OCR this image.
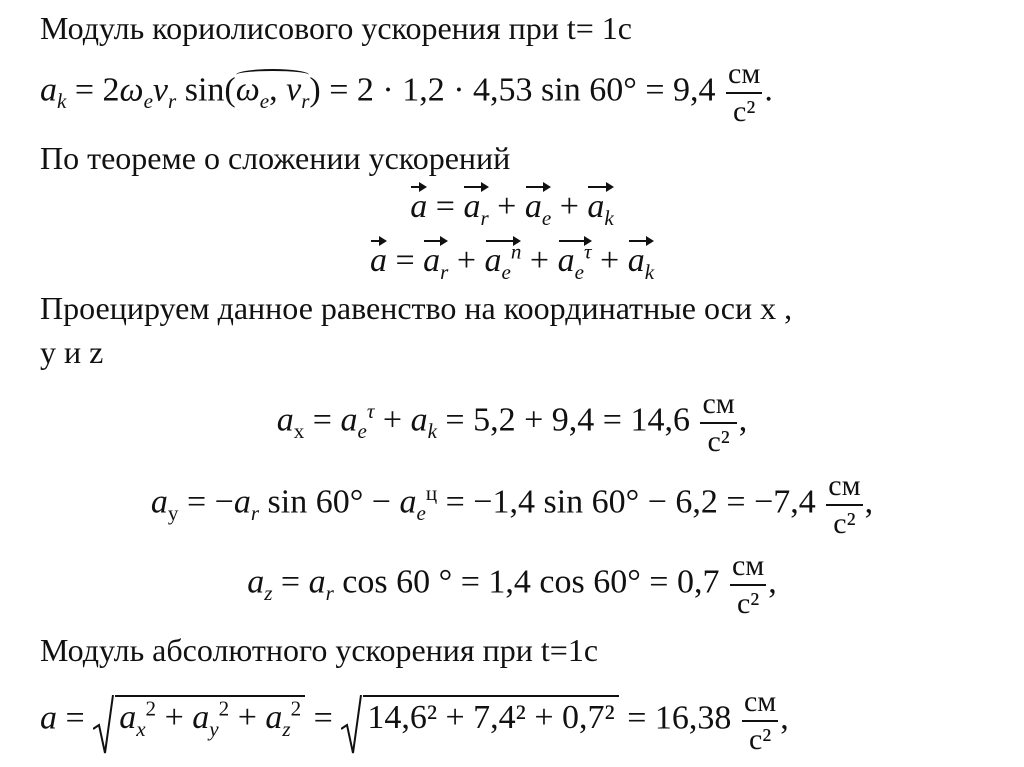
Модуль кориолисового ускорения при t= 1c
$a_k = 2\omega_ev_r$ $\sin(\omega_e$, $v_r) = 2 \cdot 1,2 \cdot 4,53$ $\sin 60^\circ = 9,4 \frac{см}{\text{с²}}$ .
По теореме о сложении ускорений
$a = a_r + a_e + a_k$
$a = a_r + a_e^n + a_e^\tau + a_k$
Проецируем данное равенство на координатные оси x ,
y и z
$a_x = a_e^\tau + a_k = 5,2 + 9,4 = 14,6 \frac{см}{\text{с²}}$ ,
$a_y = -a_r$ $\sin 60^\circ - a_e^ц = -1,4$ $\sin 60^\circ - 6,2 = -7,4 \frac{см}{\text{с²}}$ ,
$a_z = a_r$ cos 60 ° = 1,4 $\cos 60^\circ = 0,7 \frac{см}{\text{с²}}$ ,
Модуль абсолютного ускорения при t=1c
a =
$a_x^2 + a_y^2 + a_z^2$ =
$14,6^2 + 7,4^2 + 0,7^2 = 16,38 \frac{см}{\text{с²}}$ ,
